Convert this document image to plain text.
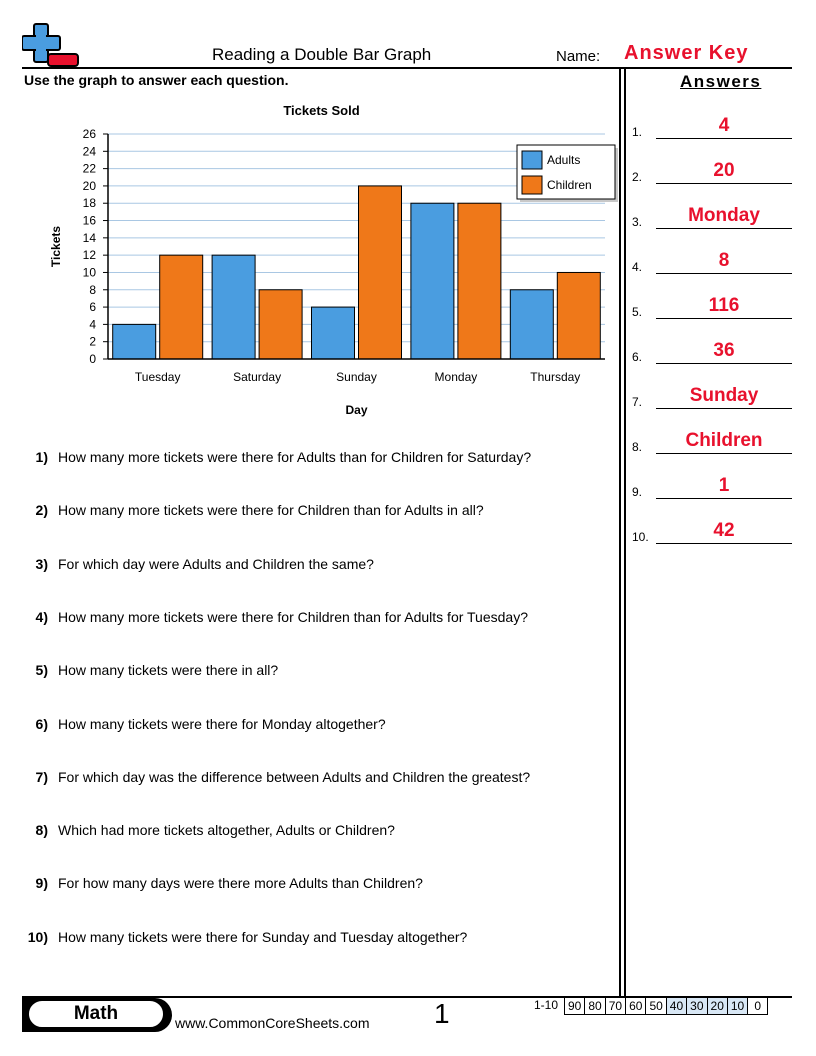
Reading a Double Bar Graph	Name: Answer Key
Use the graph to answer each question.	Answers
1.	4
2.	20
3.	Monday
4.	8
5.	116
6.	36
7.	Sunday
8.	Children
9.	1
10.	42
Tickets Sold
0
2
4
6
8
10
12
14
16
18
20
22
24
26
Tuesday	Saturday	Sunday	Monday	Thursday
Day
Tickets
Adults
Children
1) How many more tickets were there for Adults than for Children for Saturday?
2) How many more tickets were there for Children than for Adults in all?
3) For which day were Adults and Children the same?
4) How many more tickets were there for Children than for Adults for Tuesday?
5) How many tickets were there in all?
6) How many tickets were there for Monday altogether?
7) For which day was the difference between Adults and Children the greatest?
8) Which had more tickets altogether, Adults or Children?
9) For how many days were there more Adults than Children?
10) How many tickets were there for Sunday and Tuesday altogether?
Math	www.CommonCoreSheets.com 1	1-10 90	80	70	60	50	40	30	20	10	0
